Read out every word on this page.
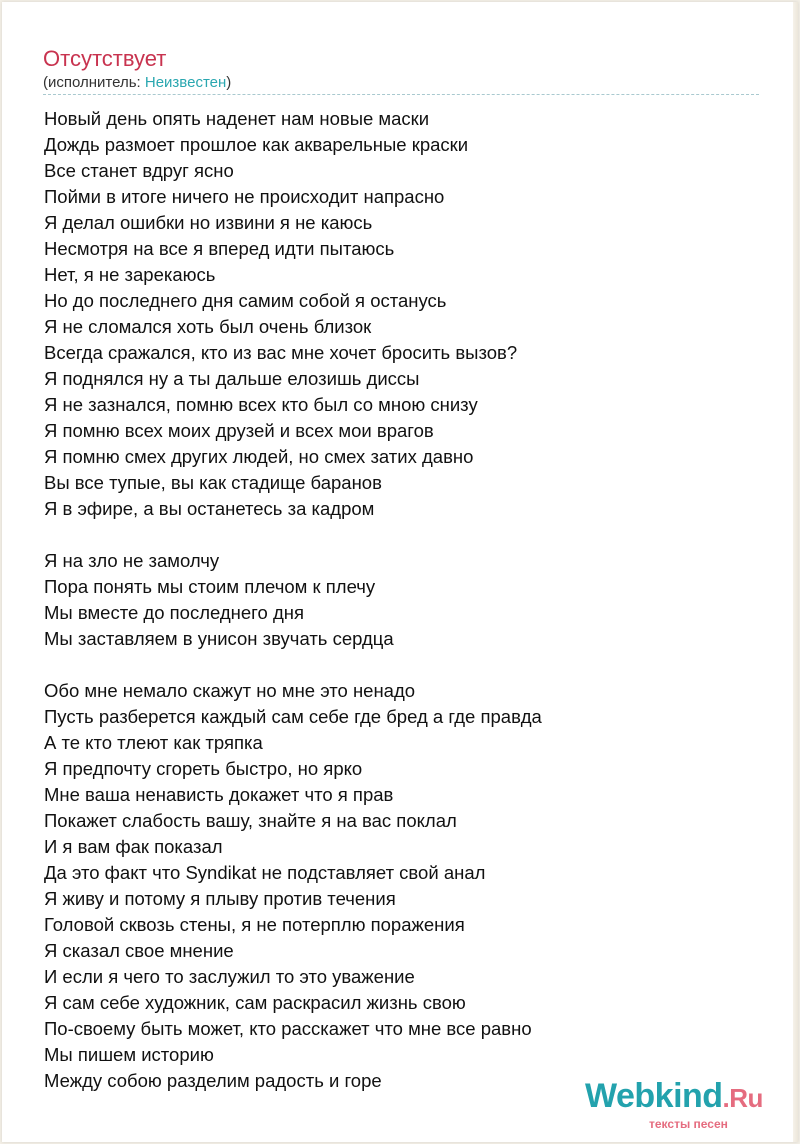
Отсутствует
(исполнитель: Неизвестен)
Новый день опять наденет нам новые маски
Дождь размоет прошлое как акварельные краски
Все станет вдруг ясно
Пойми в итоге ничего не происходит напрасно
Я делал ошибки но извини я не каюсь
Несмотря на все я вперед идти пытаюсь
Нет, я не зарекаюсь
Но до последнего дня самим собой я останусь
Я не сломался хоть был очень близок
Всегда сражался, кто из вас мне хочет бросить вызов?
Я поднялся ну а ты дальше елозишь диссы
Я не зазнался, помню всех кто был со мною снизу
Я помню всех моих друзей и всех мои врагов
Я помню смех других людей, но смех затих давно
Вы все тупые, вы как стадище баранов
Я в эфире, а вы останетесь за кадром

Я на зло не замолчу
Пора понять мы стоим плечом к плечу
Мы вместе до последнего дня
Мы заставляем в унисон звучать сердца

Обо мне немало скажут но мне это ненадо
Пусть разберется каждый сам себе где бред а где правда
А те кто тлеют как тряпка
Я предпочту сгореть быстро, но ярко
Мне ваша ненависть докажет что я прав
Покажет слабость вашу, знайте я на вас поклал
И я вам фак показал
Да это факт что Syndikat не подставляет свой анал
Я живу и потому я плыву против течения
Головой сквозь стены, я не потерплю поражения
Я сказал свое мнение
И если я чего то заслужил то это уважение
Я сам себе художник, сам раскрасил жизнь свою
По-своему быть может, кто расскажет что мне все равно
Мы пишем историю
Между собою разделим радость и горе	Webkind.Ru
тексты песен
